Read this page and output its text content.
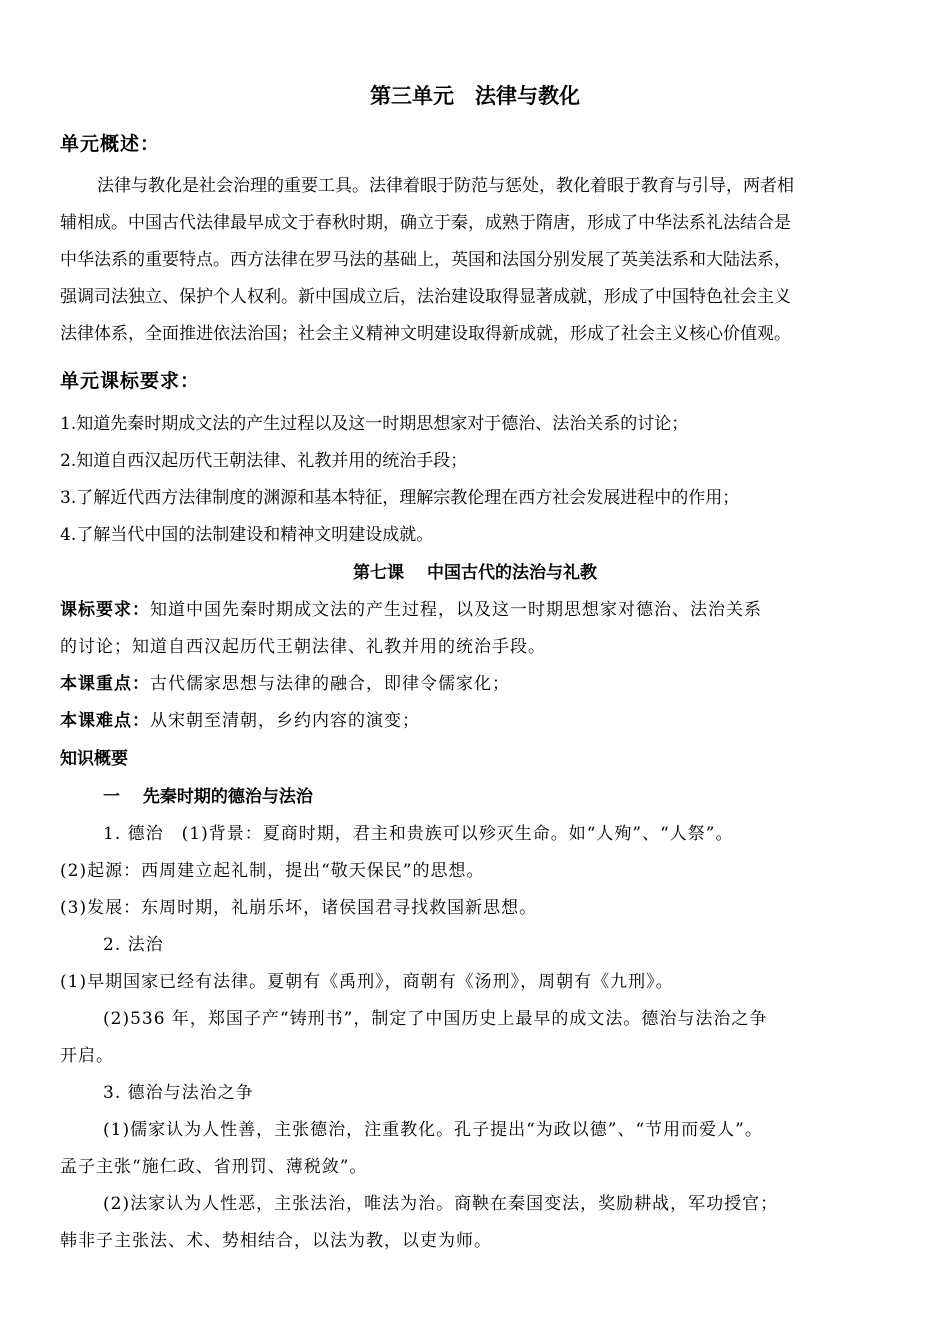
第三单元　法律与教化
单元概述：
法律与教化是社会治理的重要工具。法律着眼于防范与惩处，教化着眼于教育与引导，两者相
辅相成。中国古代法律最早成文于春秋时期，确立于秦，成熟于隋唐，形成了中华法系礼法结合是
中华法系的重要特点。西方法律在罗马法的基础上，英国和法国分别发展了英美法系和大陆法系，
强调司法独立、保护个人权利。新中国成立后，法治建设取得显著成就，形成了中国特色社会主义
法律体系，全面推进依法治国；社会主义精神文明建设取得新成就，形成了社会主义核心价值观。
单元课标要求：
1.知道先秦时期成文法的产生过程以及这一时期思想家对于德治、法治关系的讨论；
2.知道自西汉起历代王朝法律、礼教并用的统治手段；
3.了解近代西方法律制度的渊源和基本特征，理解宗教伦理在西方社会发展进程中的作用；
4.了解当代中国的法制建设和精神文明建设成就。
第七课　 中国古代的法治与礼教
课标要求：知道中国先秦时期成文法的产生过程，以及这一时期思想家对德治、法治关系
的讨论；知道自西汉起历代王朝法律、礼教并用的统治手段。
本课重点：古代儒家思想与法律的融合，即律令儒家化；
本课难点：从宋朝至清朝，乡约内容的演变；
知识概要
一　 先秦时期的德治与法治
1. 德治　(1)背景：夏商时期，君主和贵族可以殄灭生命。如“人殉”、“人祭”。
(2)起源：西周建立起礼制，提出“敬天保民”的思想。
(3)发展：东周时期，礼崩乐坏，诸侯国君寻找救国新思想。
2. 法治
(1)早期国家已经有法律。夏朝有《禹刑》，商朝有《汤刑》，周朝有《九刑》。
(2)536 年，郑国子产“铸刑书”，制定了中国历史上最早的成文法。德治与法治之争
开启。
3. 德治与法治之争
(1)儒家认为人性善，主张德治，注重教化。孔子提出“为政以德”、“节用而爱人”。
孟子主张“施仁政、省刑罚、薄税敛”。
(2)法家认为人性恶，主张法治，唯法为治。商鞅在秦国变法，奖励耕战，军功授官；
韩非子主张法、术、势相结合，以法为教，以吏为师。
